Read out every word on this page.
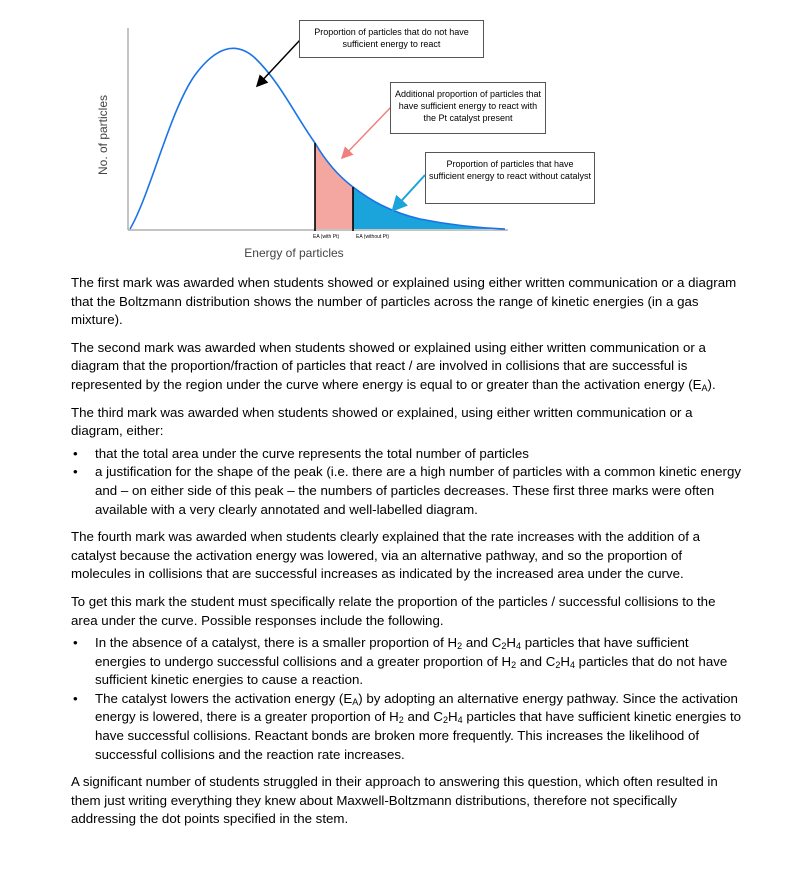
EA (with Pt)	EA (without Pt)
No. of particles
Energy of particles
Proportion of particles that do not have sufficient energy to react
Additional proportion of particles that have sufficient energy to react with the Pt catalyst present
Proportion of particles that have sufficient energy to react without catalyst

The first mark was awarded when students showed or explained using either written communication or a diagram that the Boltzmann distribution shows the number of particles across the range of kinetic energies (in a gas mixture).

The second mark was awarded when students showed or explained using either written communication or a diagram that the proportion/fraction of particles that react / are involved in collisions that are successful is represented by the region under the curve where energy is equal to or greater than the activation energy $(E_A)$.

The third mark was awarded when students showed or explained, using either written communication or a diagram, either:

• that the total area under the curve represents the total number of particles
• a justification for the shape of the peak (i.e. there are a high number of particles with a common kinetic energy and – on either side of this peak – the numbers of particles decreases. These first three marks were often available with a very clearly annotated and well-labelled diagram.

The fourth mark was awarded when students clearly explained that the rate increases with the addition of a catalyst because the activation energy was lowered, via an alternative pathway, and so the proportion of molecules in collisions that are successful increases as indicated by the increased area under the curve.

To get this mark the student must specifically relate the proportion of the particles / successful collisions to the area under the curve. Possible responses include the following.

• In the absence of a catalyst, there is a smaller proportion of $H_2$ and $C_2H_4$ particles that have sufficient energies to undergo successful collisions and a greater proportion of $H_2$ and $C_2H_4$ particles that do not have sufficient kinetic energies to cause a reaction.
• The catalyst lowers the activation energy $(E_A)$ by adopting an alternative energy pathway. Since the activation energy is lowered, there is a greater proportion of $H_2$ and $C_2H_4$ particles that have sufficient kinetic energies to have successful collisions. Reactant bonds are broken more frequently. This increases the likelihood of successful collisions and the reaction rate increases.

A significant number of students struggled in their approach to answering this question, which often resulted in them just writing everything they knew about Maxwell-Boltzmann distributions, therefore not specifically addressing the dot points specified in the stem.
